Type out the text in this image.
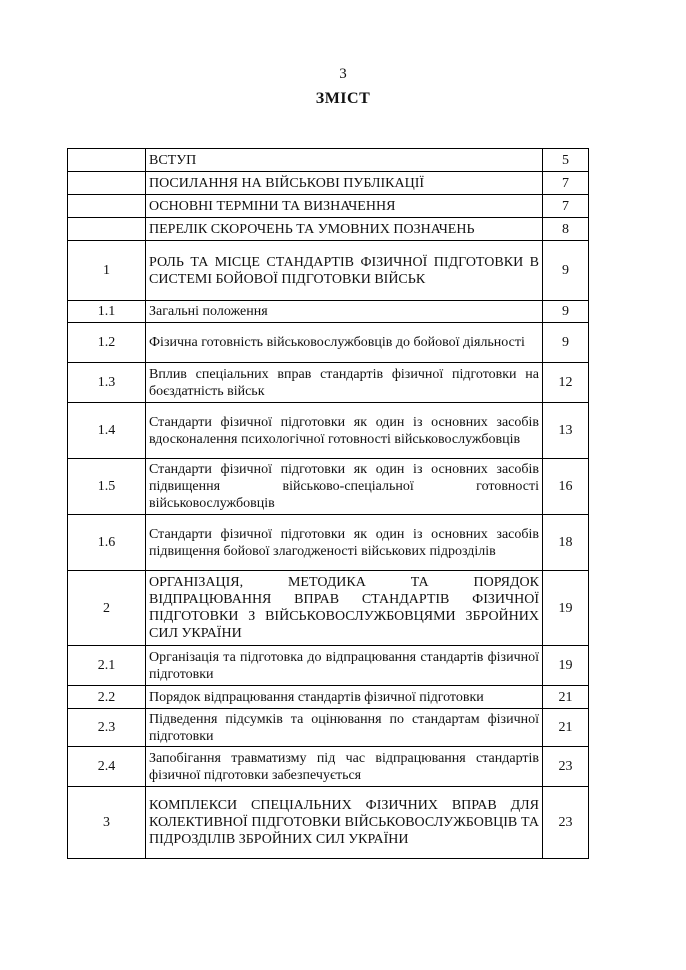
3
ЗМІСТ
	ВСТУП	5
	ПОСИЛАННЯ НА ВІЙСЬКОВІ ПУБЛІКАЦІЇ	7
	ОСНОВНІ ТЕРМІНИ ТА ВИЗНАЧЕННЯ	7
	ПЕРЕЛІК СКОРОЧЕНЬ ТА УМОВНИХ ПОЗНАЧЕНЬ	8
1	РОЛЬ ТА МІСЦЕ СТАНДАРТІВ ФІЗИЧНОЇ ПІДГОТОВКИ В СИСТЕМІ БОЙОВОЇ ПІДГОТОВКИ ВІЙСЬК	9
1.1	Загальні положення	9
1.2	Фізична готовність військовослужбовців до бойової діяльності	9
1.3	Вплив спеціальних вправ стандартів фізичної підготовки на боєздатність військ	12
1.4	Стандарти фізичної підготовки як один із основних засобів вдосконалення психологічної готовності військовослужбовців	13
1.5	Стандарти фізичної підготовки як один із основних засобів підвищення військово-спеціальної готовності військовослужбовців	16
1.6	Стандарти фізичної підготовки як один із основних засобів підвищення бойової злагодженості військових підрозділів	18
2	ОРГАНІЗАЦІЯ, МЕТОДИКА ТА ПОРЯДОК ВІДПРАЦЮВАННЯ ВПРАВ СТАНДАРТІВ ФІЗИЧНОЇ ПІДГОТОВКИ З ВІЙСЬКОВОСЛУЖБОВЦЯМИ ЗБРОЙНИХ СИЛ УКРАЇНИ	19
2.1	Організація та підготовка до відпрацювання стандартів фізичної підготовки	19
2.2	Порядок відпрацювання стандартів фізичної підготовки	21
2.3	Підведення підсумків та оцінювання по стандартам фізичної підготовки	21
2.4	Запобігання травматизму під час відпрацювання стандартів фізичної підготовки забезпечується	23
3	КОМПЛЕКСИ СПЕЦІАЛЬНИХ ФІЗИЧНИХ ВПРАВ ДЛЯ КОЛЕКТИВНОЇ ПІДГОТОВКИ ВІЙСЬКОВОСЛУЖБОВЦІВ ТА ПІДРОЗДІЛІВ ЗБРОЙНИХ СИЛ УКРАЇНИ	23
